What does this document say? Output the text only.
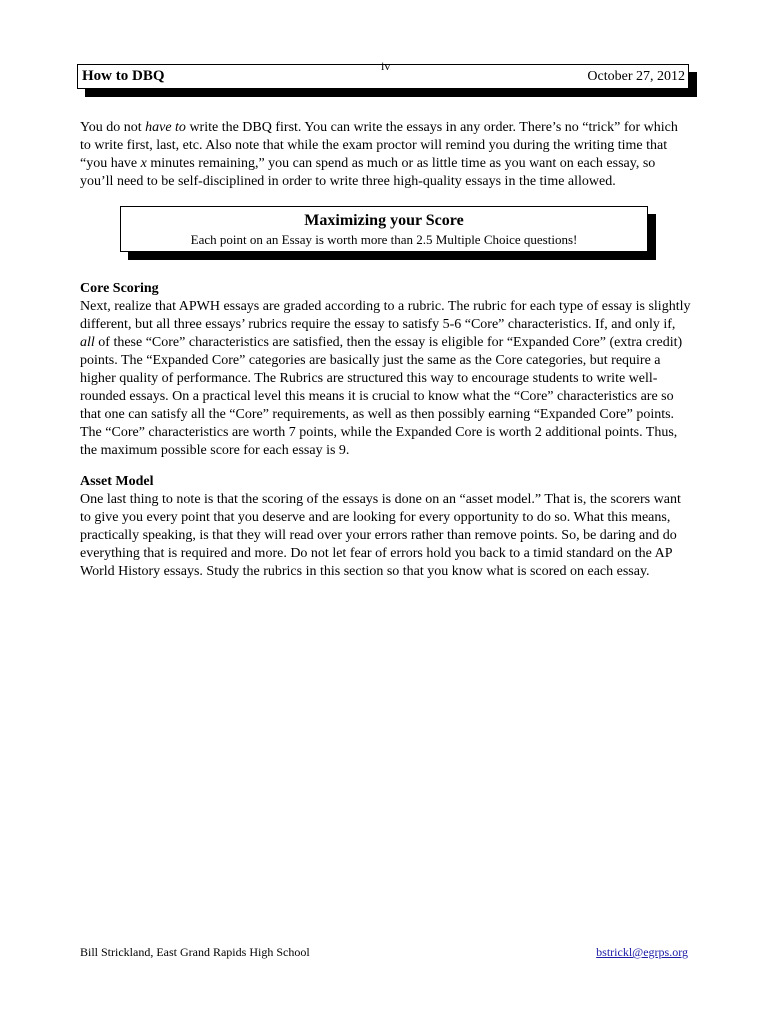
How to DBQ
iv
October 27, 2012

You do not have to write the DBQ first. You can write the essays in any order. There’s no “trick” for which to write first, last, etc. Also note that while the exam proctor will remind you during the writing time that “you have x minutes remaining,” you can spend as much or as little time as you want on each essay, so you’ll need to be self-disciplined in order to write three high-quality essays in the time allowed.

Maximizing your Score
Each point on an Essay is worth more than 2.5 Multiple Choice questions!
Core Scoring

Next, realize that APWH essays are graded according to a rubric. The rubric for each type of essay is slightly different, but all three essays’ rubrics require the essay to satisfy 5-6 “Core” characteristics. If, and only if, all of these “Core” characteristics are satisfied, then the essay is eligible for “Expanded Core” (extra credit) points. The “Expanded Core” categories are basically just the same as the Core categories, but require a higher quality of performance. The Rubrics are structured this way to encourage students to write well-rounded essays. On a practical level this means it is crucial to know what the “Core” characteristics are so that one can satisfy all the “Core” requirements, as well as then possibly earning “Expanded Core” points. The “Core” characteristics are worth 7 points, while the Expanded Core is worth 2 additional points. Thus, the maximum possible score for each essay is 9.

Asset Model

One last thing to note is that the scoring of the essays is done on an “asset model.” That is, the scorers want to give you every point that you deserve and are looking for every opportunity to do so. What this means, practically speaking, is that they will read over your errors rather than remove points. So, be daring and do everything that is required and more. Do not let fear of errors hold you back to a timid standard on the AP World History essays. Study the rubrics in this section so that you know what is scored on each essay.

Bill Strickland, East Grand Rapids High School	bstrickl@egrps.org
